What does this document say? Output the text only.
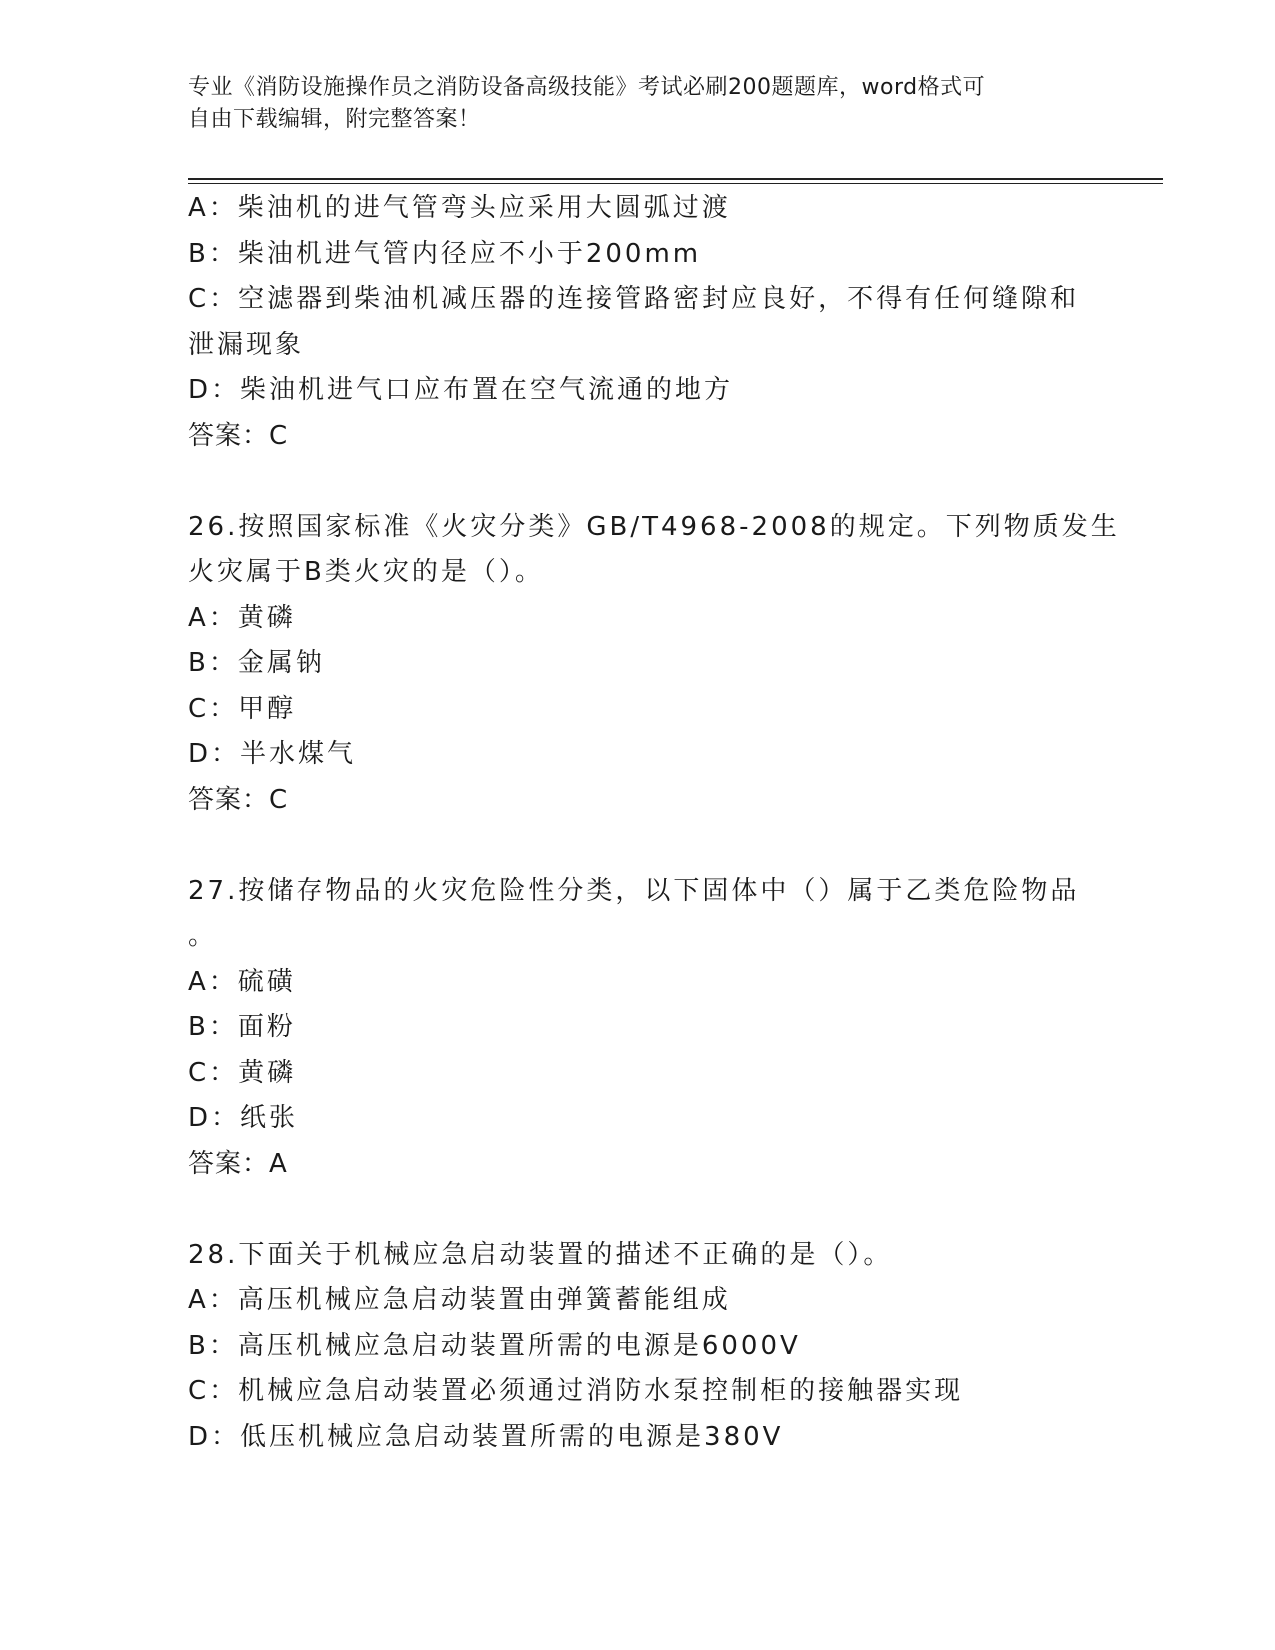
专业《消防设施操作员之消防设备高级技能》考试必刷200题题库，word格式可
自由下载编辑，附完整答案！
A：柴油机的进气管弯头应采用大圆弧过渡
B：柴油机进气管内径应不小于200mm
C：空滤器到柴油机减压器的连接管路密封应良好，不得有任何缝隙和
泄漏现象
D：柴油机进气口应布置在空气流通的地方
答案：C
26.按照国家标准《火灾分类》GB/T4968-2008的规定。下列物质发生
火灾属于B类火灾的是（）。
A：黄磷
B：金属钠
C：甲醇
D：半水煤气
答案：C
27.按储存物品的火灾危险性分类，以下固体中（）属于乙类危险物品
。
A：硫磺
B：面粉
C：黄磷
D：纸张
答案：A
28.下面关于机械应急启动装置的描述不正确的是（）。
A：高压机械应急启动装置由弹簧蓄能组成
B：高压机械应急启动装置所需的电源是6000V
C：机械应急启动装置必须通过消防水泵控制柜的接触器实现
D：低压机械应急启动装置所需的电源是380V
